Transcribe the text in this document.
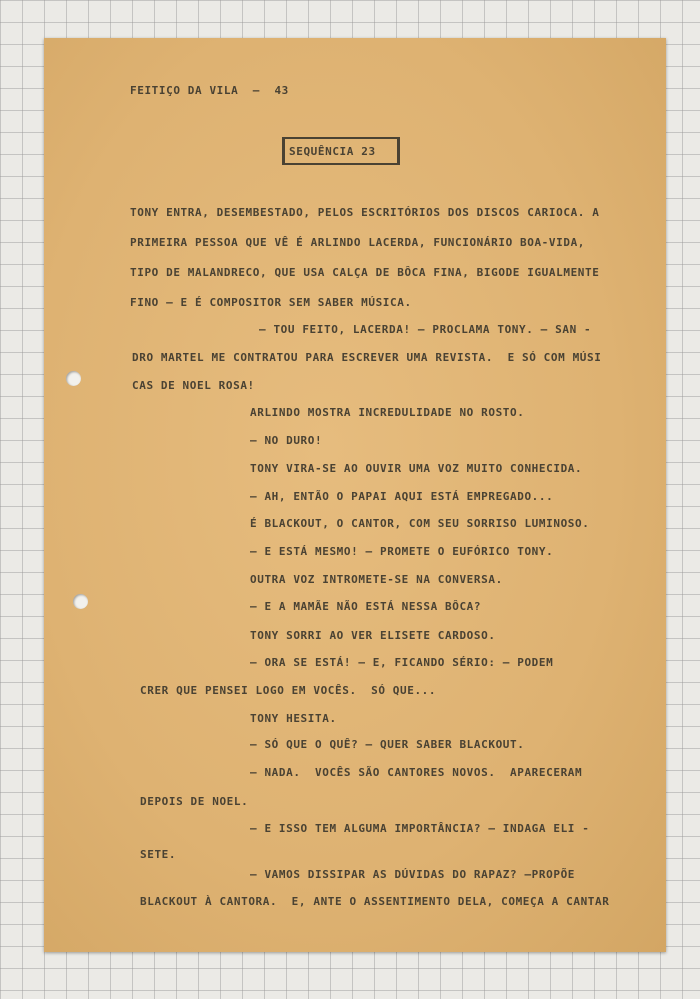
FEITIÇO DA VILA  —  43
SEQUÊNCIA 23
TONY ENTRA, DESEMBESTADO, PELOS ESCRITÓRIOS DOS DISCOS CARIOCA. A
PRIMEIRA PESSOA QUE VÊ É ARLINDO LACERDA, FUNCIONÁRIO BOA-VIDA,
TIPO DE MALANDRECO, QUE USA CALÇA DE BÔCA FINA, BIGODE IGUALMENTE
FINO — E É COMPOSITOR SEM SABER MÚSICA.
— TOU FEITO, LACERDA! — PROCLAMA TONY. — SAN -
DRO MARTEL ME CONTRATOU PARA ESCREVER UMA REVISTA.  E SÓ COM MÚSI
CAS DE NOEL ROSA!
ARLINDO MOSTRA INCREDULIDADE NO ROSTO.
— NO DURO!
TONY VIRA-SE AO OUVIR UMA VOZ MUITO CONHECIDA.
— AH, ENTÃO O PAPAI AQUI ESTÁ EMPREGADO...
É BLACKOUT, O CANTOR, COM SEU SORRISO LUMINOSO.
— E ESTÁ MESMO! — PROMETE O EUFÓRICO TONY.
OUTRA VOZ INTROMETE-SE NA CONVERSA.
— E A MAMÃE NÃO ESTÁ NESSA BÔCA?
TONY SORRI AO VER ELISETE CARDOSO.
— ORA SE ESTÁ! — E, FICANDO SÉRIO: — PODEM
CRER QUE PENSEI LOGO EM VOCÊS.  SÓ QUE...
TONY HESITA.
— SÓ QUE O QUÊ? — QUER SABER BLACKOUT.
— NADA.  VOCÊS SÃO CANTORES NOVOS.  APARECERAM
DEPOIS DE NOEL.
— E ISSO TEM ALGUMA IMPORTÂNCIA? — INDAGA ELI -
SETE.
— VAMOS DISSIPAR AS DÚVIDAS DO RAPAZ? —PROPÕE
BLACKOUT À CANTORA.  E, ANTE O ASSENTIMENTO DELA, COMEÇA A CANTAR
